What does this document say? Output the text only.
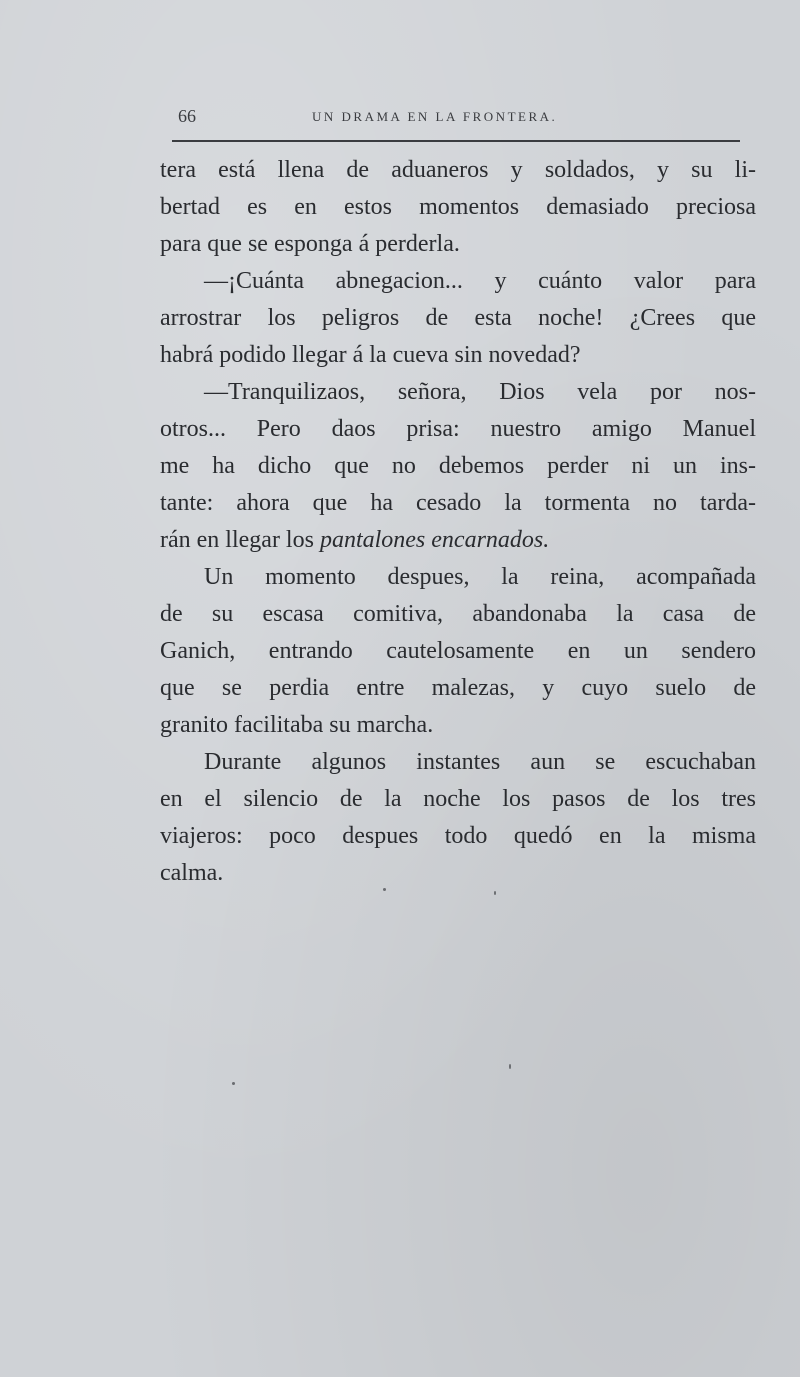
66	UN DRAMA EN LA FRONTERA.
tera está llena de aduaneros y soldados, y su li-
bertad es en estos momentos demasiado preciosa
para que se esponga á perderla.
—¡Cuánta abnegacion... y cuánto valor para
arrostrar los peligros de esta noche! ¿Crees que
habrá podido llegar á la cueva sin novedad?
—Tranquilizaos, señora, Dios vela por nos-
otros... Pero daos prisa: nuestro amigo Manuel
me ha dicho que no debemos perder ni un ins-
tante: ahora que ha cesado la tormenta no tarda-
rán en llegar los pantalones encarnados.
Un momento despues, la reina, acompañada
de su escasa comitiva, abandonaba la casa de
Ganich, entrando cautelosamente en un sendero
que se perdia entre malezas, y cuyo suelo de
granito facilitaba su marcha.
Durante algunos instantes aun se escuchaban
en el silencio de la noche los pasos de los tres
viajeros: poco despues todo quedó en la misma
calma.
